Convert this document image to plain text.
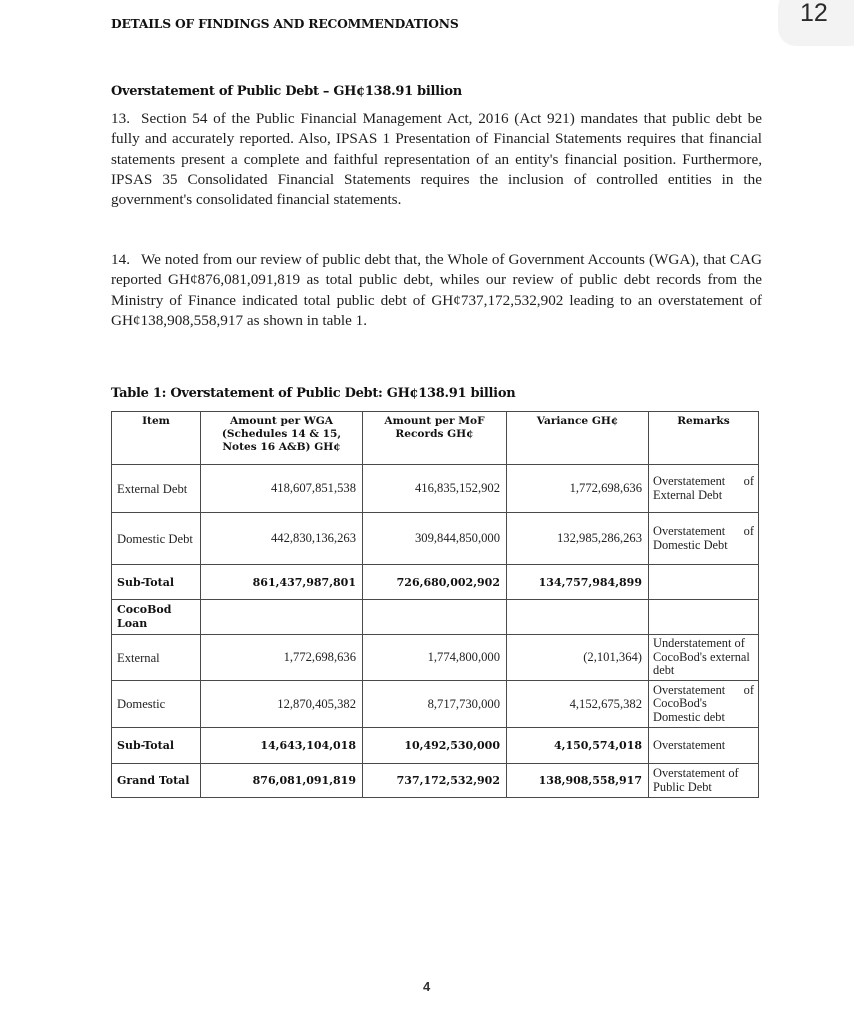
12
DETAILS OF FINDINGS AND RECOMMENDATIONS
Overstatement of Public Debt – GH¢138.91 billion
13. Section 54 of the Public Financial Management Act, 2016 (Act 921) mandates that public debt be fully and accurately reported. Also, IPSAS 1 Presentation of Financial Statements requires that financial statements present a complete and faithful representation of an entity's financial position. Furthermore, IPSAS 35 Consolidated Financial Statements requires the inclusion of controlled entities in the government's consolidated financial statements.
14. We noted from our review of public debt that, the Whole of Government Accounts (WGA), that CAG reported GH¢876,081,091,819 as total public debt, whiles our review of public debt records from the Ministry of Finance indicated total public debt of GH¢737,172,532,902 leading to an overstatement of GH¢138,908,558,917 as shown in table 1.
Table 1: Overstatement of Public Debt: GH¢138.91 billion
Item	Amount per WGA (Schedules 14 & 15, Notes 16 A&B) GH¢	Amount per MoF Records GH¢	Variance GH¢	Remarks
External Debt	418,607,851,538	416,835,152,902	1,772,698,636	Overstatement of External Debt
Domestic Debt	442,830,136,263	309,844,850,000	132,985,286,263	Overstatement of Domestic Debt
Sub-Total	861,437,987,801	726,680,002,902	134,757,984,899	
CocoBod Loan				
External	1,772,698,636	1,774,800,000	(2,101,364)	Understatement of CocoBod's external debt
Domestic	12,870,405,382	8,717,730,000	4,152,675,382	Overstatement of CocoBod's Domestic debt
Sub-Total	14,643,104,018	10,492,530,000	4,150,574,018	Overstatement
Grand Total	876,081,091,819	737,172,532,902	138,908,558,917	Overstatement of Public Debt
4
